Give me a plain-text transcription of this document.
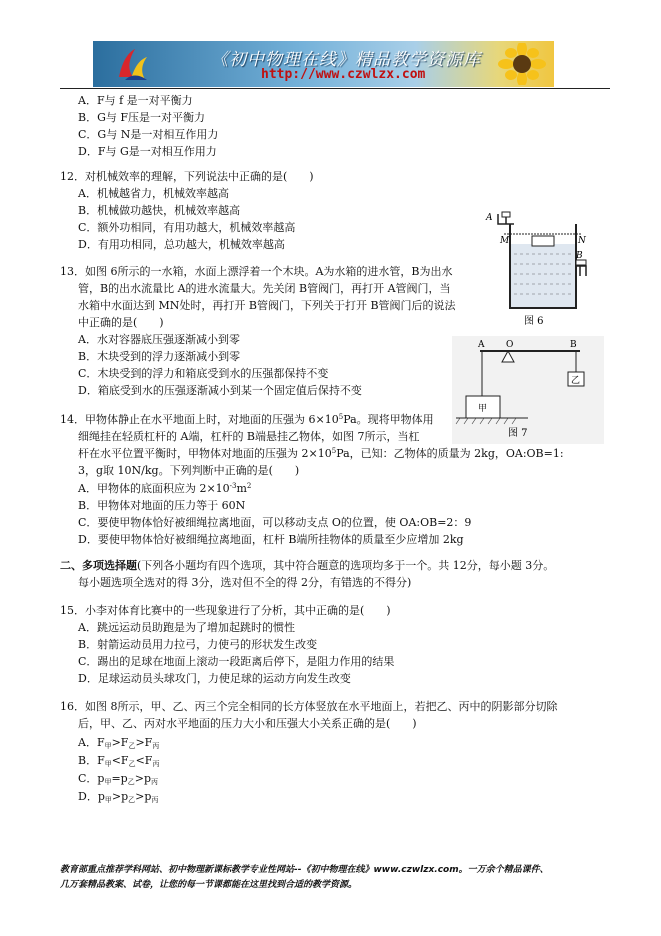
《初中物理在线》精品教学资源库
http://www.czwlzx.com
A．F与 f 是一对平衡力
B．G与 F压是一对平衡力
C．G与 N是一对相互作用力
D．F与 G是一对相互作用力
12．对机械效率的理解，下列说法中正确的是(　　)
A．机械越省力，机械效率越高
B．机械做功越快，机械效率越高
C．额外功相同，有用功越大，机械效率越高
D．有用功相同，总功越大，机械效率越高
A
M	N
B
图 6
13．如图 6所示的一水箱，水面上漂浮着一个木块。A为水箱的进水管，B为出水
管，B的出水流量比 A的进水流量大。先关闭 B管阀门，再打开 A管阀门，当
水箱中水面达到 MN处时，再打开 B管阀门，下列关于打开 B管阀门后的说法
中正确的是(　　)
A．水对容器底压强逐渐减小到零
B．木块受到的浮力逐渐减小到零
C．木块受到的浮力和箱底受到水的压强都保持不变
D．箱底受到水的压强逐渐减小到某一个固定值后保持不变
A O	B
乙
甲
图 7
14．甲物体静止在水平地面上时，对地面的压强为 $6\times 10^5Pa$。现将甲物体用
细绳挂在轻质杠杆的 A端，杠杆的 B端悬挂乙物体，如图 7所示，当杠
杆在水平位置平衡时，甲物体对地面的压强为 $2\times 10^5Pa$，已知：乙物体的质量为 2kg，OA:OB=1:
3，g取 10N/kg。下列判断中正确的是(　　)
A．甲物体的底面积应为 $2\times 10^{-3}m^2$
B．甲物体对地面的压力等于 60N
C．要使甲物体恰好被细绳拉离地面，可以移动支点 O的位置，使 OA:OB=2：9
D．要使甲物体恰好被细绳拉离地面，杠杆 B端所挂物体的质量至少应增加 2kg
二、多项选择题(下列各小题均有四个选项，其中符合题意的选项均多于一个。共 12分，每小题 3分。
每小题选项全选对的得 3分，选对但不全的得 2分，有错选的不得分)
15．小李对体育比赛中的一些现象进行了分析，其中正确的是(　　)
A．跳远运动员助跑是为了增加起跳时的惯性
B．射箭运动员用力拉弓，力使弓的形状发生改变
C．踢出的足球在地面上滚动一段距离后停下，是阻力作用的结果
D．足球运动员头球攻门，力使足球的运动方向发生改变
16．如图 8所示，甲、乙、丙三个完全相同的长方体竖放在水平地面上，若把乙、丙中的阴影部分切除
后，甲、乙、丙对水平地面的压力大小和压强大小关系正确的是(　　)
A．F甲>F乙>F丙
B．F甲<F乙<F丙
C．p甲=p乙>p丙
D．p甲>p乙>p丙
教育部重点推荐学科网站、初中物理新课标教学专业性网站--《初中物理在线》www.czwlzx.com。一万余个精品课件、
几万套精品教案、试卷，让您的每一节课都能在这里找到合适的教学资源。
